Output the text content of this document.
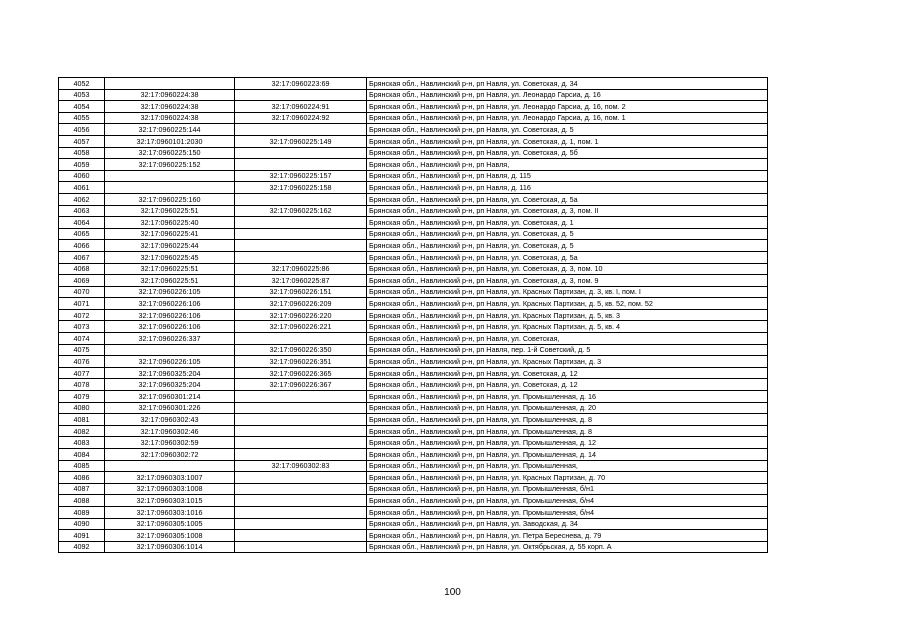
4052		32:17:0960223:69	Брянская обл., Навлинский р-н, рп Навля, ул. Советская, д. 34
4053	32:17:0960224:38		Брянская обл., Навлинский р-н, рп Навля, ул. Леонардо Гарсиа, д. 16
4054	32:17:0960224:38	32:17:0960224:91	Брянская обл., Навлинский р-н, рп Навля, ул. Леонардо Гарсиа, д. 16, пом. 2
4055	32:17:0960224:38	32:17:0960224:92	Брянская обл., Навлинский р-н, рп Навля, ул. Леонардо Гарсиа, д. 16, пом. 1
4056	32:17:0960225:144		Брянская обл., Навлинский р-н, рп Навля, ул. Советская, д. 5
4057	32:17:0960101:2030	32:17:0960225:149	Брянская обл., Навлинский р-н, рп Навля, ул. Советская, д. 1, пом. 1
4058	32:17:0960225:150		Брянская обл., Навлинский р-н, рп Навля, ул. Советская, д. 5б
4059	32:17:0960225:152		Брянская обл., Навлинский р-н, рп Навля,
4060		32:17:0960225:157	Брянская обл., Навлинский р-н, рп Навля, д. 115
4061		32:17:0960225:158	Брянская обл., Навлинский р-н, рп Навля, д. 116
4062	32:17:0960225:160		Брянская обл., Навлинский р-н, рп Навля, ул. Советская, д. 5а
4063	32:17:0960225:51	32:17:0960225:162	Брянская обл., Навлинский р-н, рп Навля, ул. Советская, д. 3, пом. II
4064	32:17:0960225:40		Брянская обл., Навлинский р-н, рп Навля, ул. Советская, д. 1
4065	32:17:0960225:41		Брянская обл., Навлинский р-н, рп Навля, ул. Советская, д. 5
4066	32:17:0960225:44		Брянская обл., Навлинский р-н, рп Навля, ул. Советская, д. 5
4067	32:17:0960225:45		Брянская обл., Навлинский р-н, рп Навля, ул. Советская, д. 5а
4068	32:17:0960225:51	32:17:0960225:86	Брянская обл., Навлинский р-н, рп Навля, ул. Советская, д. 3, пом. 10
4069	32:17:0960225:51	32:17:0960225:87	Брянская обл., Навлинский р-н, рп Навля, ул. Советская, д. 3, пом. 9
4070	32:17:0960226:105	32:17:0960226:151	Брянская обл., Навлинский р-н, рп Навля, ул. Красных Партизан, д. 3, кв. I, пом. I
4071	32:17:0960226:106	32:17:0960226:209	Брянская обл., Навлинский р-н, рп Навля, ул. Красных Партизан, д. 5, кв. 52, пом. 52
4072	32:17:0960226:106	32:17:0960226:220	Брянская обл., Навлинский р-н, рп Навля, ул. Красных Партизан, д. 5, кв. 3
4073	32:17:0960226:106	32:17:0960226:221	Брянская обл., Навлинский р-н, рп Навля, ул. Красных Партизан, д. 5, кв. 4
4074	32:17:0960226:337		Брянская обл., Навлинский р-н, рп Навля, ул. Советская,
4075		32:17:0960226:350	Брянская обл., Навлинский р-н, рп Навля, пер. 1-й Советский, д. 5
4076	32:17:0960226:105	32:17:0960226:351	Брянская обл., Навлинский р-н, рп Навля, ул. Красных Партизан, д. 3
4077	32:17:0960325:204	32:17:0960226:365	Брянская обл., Навлинский р-н, рп Навля, ул. Советская, д. 12
4078	32:17:0960325:204	32:17:0960226:367	Брянская обл., Навлинский р-н, рп Навля, ул. Советская, д. 12
4079	32:17:0960301:214		Брянская обл., Навлинский р-н, рп Навля, ул. Промышленная, д. 16
4080	32:17:0960301:226		Брянская обл., Навлинский р-н, рп Навля, ул. Промышленная, д. 20
4081	32:17:0960302:43		Брянская обл., Навлинский р-н, рп Навля, ул. Промышленная, д. 8
4082	32:17:0960302:46		Брянская обл., Навлинский р-н, рп Навля, ул. Промышленная, д. 8
4083	32:17:0960302:59		Брянская обл., Навлинский р-н, рп Навля, ул. Промышленная, д. 12
4084	32:17:0960302:72		Брянская обл., Навлинский р-н, рп Навля, ул. Промышленная, д. 14
4085		32:17:0960302:83	Брянская обл., Навлинский р-н, рп Навля, ул. Промышленная,
4086	32:17:0960303:1007		Брянская обл., Навлинский р-н, рп Навля, ул. Красных Партизан, д. 70
4087	32:17:0960303:1008		Брянская обл., Навлинский р-н, рп Навля, ул. Промышленная, б/н1
4088	32:17:0960303:1015		Брянская обл., Навлинский р-н, рп Навля, ул. Промышленная, б/н4
4089	32:17:0960303:1016		Брянская обл., Навлинский р-н, рп Навля, ул. Промышленная, б/н4
4090	32:17:0960305:1005		Брянская обл., Навлинский р-н, рп Навля, ул. Заводская, д. 34
4091	32:17:0960305:1008		Брянская обл., Навлинский р-н, рп Навля, ул. Петра Береснева, д. 79
4092	32:17:0960306:1014		Брянская обл., Навлинский р-н, рп Навля, ул. Октябрьская, д. 55 корп. А
100
